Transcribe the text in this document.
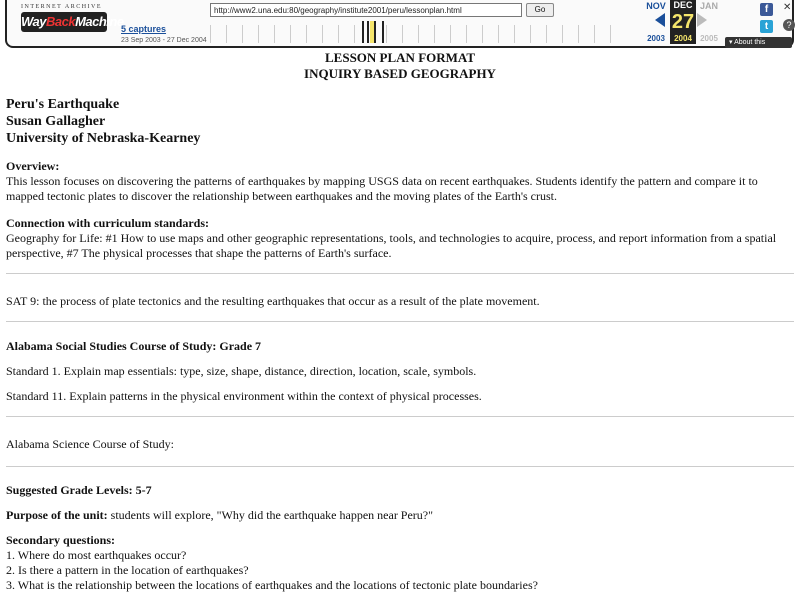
INTERNET ARCHIVE
WayBackMachine
5 captures
23 Sep 2003 - 27 Dec 2004
http://www2.una.edu:80/geography/institute2001/peru/lessonplan.html	Go	NOV DEC JAN
27
2003	2004	2005
f
t
✕
?
▾ About this capture

LESSON PLAN FORMAT

INQUIRY BASED GEOGRAPHY

Peru's Earthquake

Susan Gallagher

University of Nebraska-Kearney

Overview:

This lesson focuses on discovering the patterns of earthquakes by mapping USGS data on recent earthquakes. Students identify the pattern and compare it to mapped tectonic plates to discover the relationship between earthquakes and the moving plates of the Earth's crust.

Connection with curriculum standards:

Geography for Life: #1 How to use maps and other geographic representations, tools, and technologies to acquire, process, and report information from a spatial perspective, #7 The physical processes that shape the patterns of Earth's surface.

SAT 9: the process of plate tectonics and the resulting earthquakes that occur as a result of the plate movement.

Alabama Social Studies Course of Study: Grade 7

Standard 1. Explain map essentials: type, size, shape, distance, direction, location, scale, symbols.

Standard 11. Explain patterns in the physical environment within the context of physical processes.

Alabama Science Course of Study:

Suggested Grade Levels: 5-7

Purpose of the unit: students will explore, "Why did the earthquake happen near Peru?"

Secondary questions:

1. Where do most earthquakes occur?

2. Is there a pattern in the location of earthquakes?

3. What is the relationship between the locations of earthquakes and the locations of tectonic plate boundaries?
